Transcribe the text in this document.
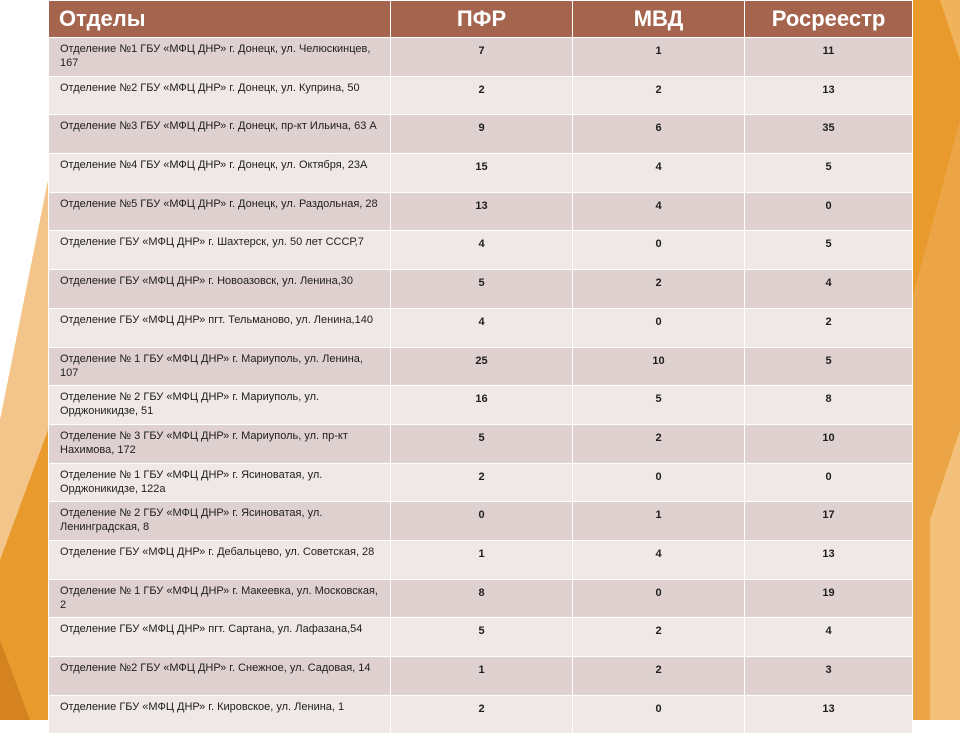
Отделы	ПФР	МВД	Росреестр
Отделение №1 ГБУ «МФЦ ДНР» г. Донецк, ул. Челюскинцев, 167	7	1	11
Отделение №2 ГБУ «МФЦ ДНР» г. Донецк, ул. Куприна, 50	2	2	13
Отделение №3 ГБУ «МФЦ ДНР» г. Донецк, пр-кт Ильича, 63 А	9	6	35
Отделение №4 ГБУ «МФЦ ДНР» г. Донецк, ул. Октября, 23А	15	4	5
Отделение №5 ГБУ «МФЦ ДНР» г. Донецк, ул. Раздольная, 28	13	4	0
Отделение ГБУ «МФЦ ДНР» г. Шахтерск, ул. 50 лет СССР,7	4	0	5
Отделение ГБУ «МФЦ ДНР» г. Новоазовск, ул. Ленина,30	5	2	4
Отделение ГБУ «МФЦ ДНР» пгт. Тельманово, ул. Ленина,140	4	0	2
Отделение № 1 ГБУ «МФЦ ДНР» г. Мариуполь, ул. Ленина, 107	25	10	5
Отделение № 2 ГБУ «МФЦ ДНР» г. Мариуполь, ул. Орджоникидзе, 51	16	5	8
Отделение № 3 ГБУ «МФЦ ДНР» г. Мариуполь, ул. пр-кт Нахимова, 172	5	2	10
Отделение № 1 ГБУ «МФЦ ДНР» г. Ясиноватая, ул. Орджоникидзе, 122а	2	0	0
Отделение № 2 ГБУ «МФЦ ДНР» г. Ясиноватая, ул. Ленинградская, 8	0	1	17
Отделение ГБУ «МФЦ ДНР» г. Дебальцево, ул. Советская, 28	1	4	13
Отделение № 1 ГБУ «МФЦ ДНР» г. Макеевка, ул. Московская, 2	8	0	19
Отделение ГБУ «МФЦ ДНР» пгт. Сартана, ул. Лафазана,54	5	2	4
Отделение №2 ГБУ «МФЦ ДНР» г. Снежное, ул. Садовая, 14	1	2	3
Отделение ГБУ «МФЦ ДНР» г. Кировское, ул. Ленина, 1	2	0	13
